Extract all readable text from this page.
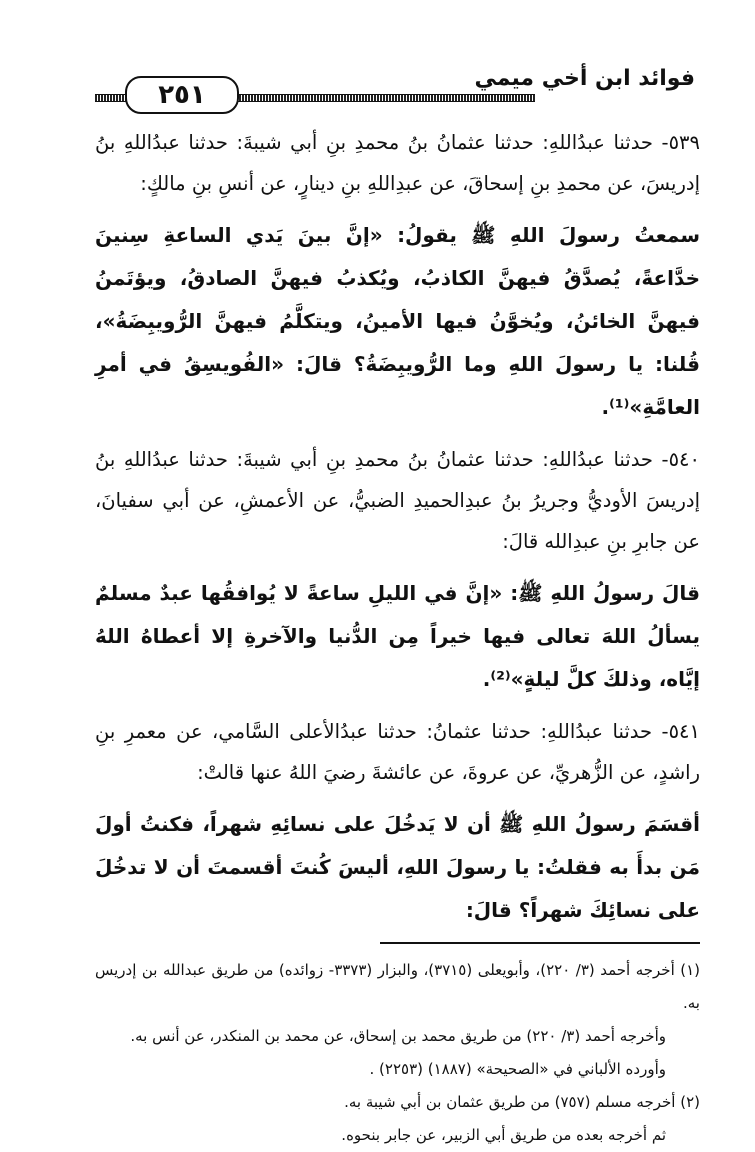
٢٥١
فوائد ابن أخي ميمي

٥٣٩- حدثنا عبدُاللهِ: حدثنا عثمانُ بنُ محمدِ بنِ أبي شيبةَ: حدثنا عبدُاللهِ بنُ إدريسَ، عن محمدِ بنِ إسحاقَ، عن عبدِاللهِ بنِ دينارٍ، عن أنسِ بنِ مالكٍ:

سمعتُ رسولَ اللهِ ﷺ يقولُ: «إنَّ بينَ يَدي الساعةِ سِنينَ خدَّاعةً، يُصدَّقُ فيهنَّ الكاذبُ، ويُكذبُ فيهنَّ الصادقُ، ويؤتَمنُ فيهنَّ الخائنُ، ويُخوَّنُ فيها الأمينُ، ويتكلَّمُ فيهنَّ الرُّويبِضَةُ»، قُلنا: يا رسولَ اللهِ وما الرُّويبِضَةُ؟ قالَ: «الفُويسِقُ في أمرِ العامَّةِ»⁽¹⁾.

٥٤٠- حدثنا عبدُاللهِ: حدثنا عثمانُ بنُ محمدِ بنِ أبي شيبةَ: حدثنا عبدُاللهِ بنُ إدريسَ الأوديُّ وجريرُ بنُ عبدِالحميدِ الضبيُّ، عن الأعمشِ، عن أبي سفيانَ، عن جابرِ بنِ عبدِالله قالَ:

قالَ رسولُ اللهِ ﷺ: «إنَّ في الليلِ ساعةً لا يُوافقُها عبدٌ مسلمٌ يسألُ اللهَ تعالى فيها خيراً مِن الدُّنيا والآخرةِ إلا أعطاهُ اللهُ إيَّاه، وذلكَ كلَّ ليلةٍ»⁽²⁾.

٥٤١- حدثنا عبدُاللهِ: حدثنا عثمانُ: حدثنا عبدُالأعلى السَّامي، عن معمرِ بنِ راشدٍ، عن الزُّهريِّ، عن عروةَ، عن عائشةَ رضيَ اللهُ عنها قالتْ:

أقسَمَ رسولُ اللهِ ﷺ أن لا يَدخُلَ على نسائِهِ شهراً، فكنتُ أولَ مَن بدأَ به فقلتُ: يا رسولَ اللهِ، أليسَ كُنتَ أقسمتَ أن لا تدخُلَ على نسائِكَ شهراً؟ قالَ:

(١) أخرجه أحمد (٣/ ٢٢٠)، وأبويعلى (٣٧١٥)، والبزار (٣٣٧٣- زوائده) من طريق عبدالله بن إدريس به.

وأخرجه أحمد (٣/ ٢٢٠) من طريق محمد بن إسحاق، عن محمد بن المنكدر، عن أنس به.

وأورده الألباني في «الصحيحة» (١٨٨٧) (٢٢٥٣) .

(٢) أخرجه مسلم (٧٥٧) من طريق عثمان بن أبي شيبة به.

ثم أخرجه بعده من طريق أبي الزبير، عن جابر بنحوه.
